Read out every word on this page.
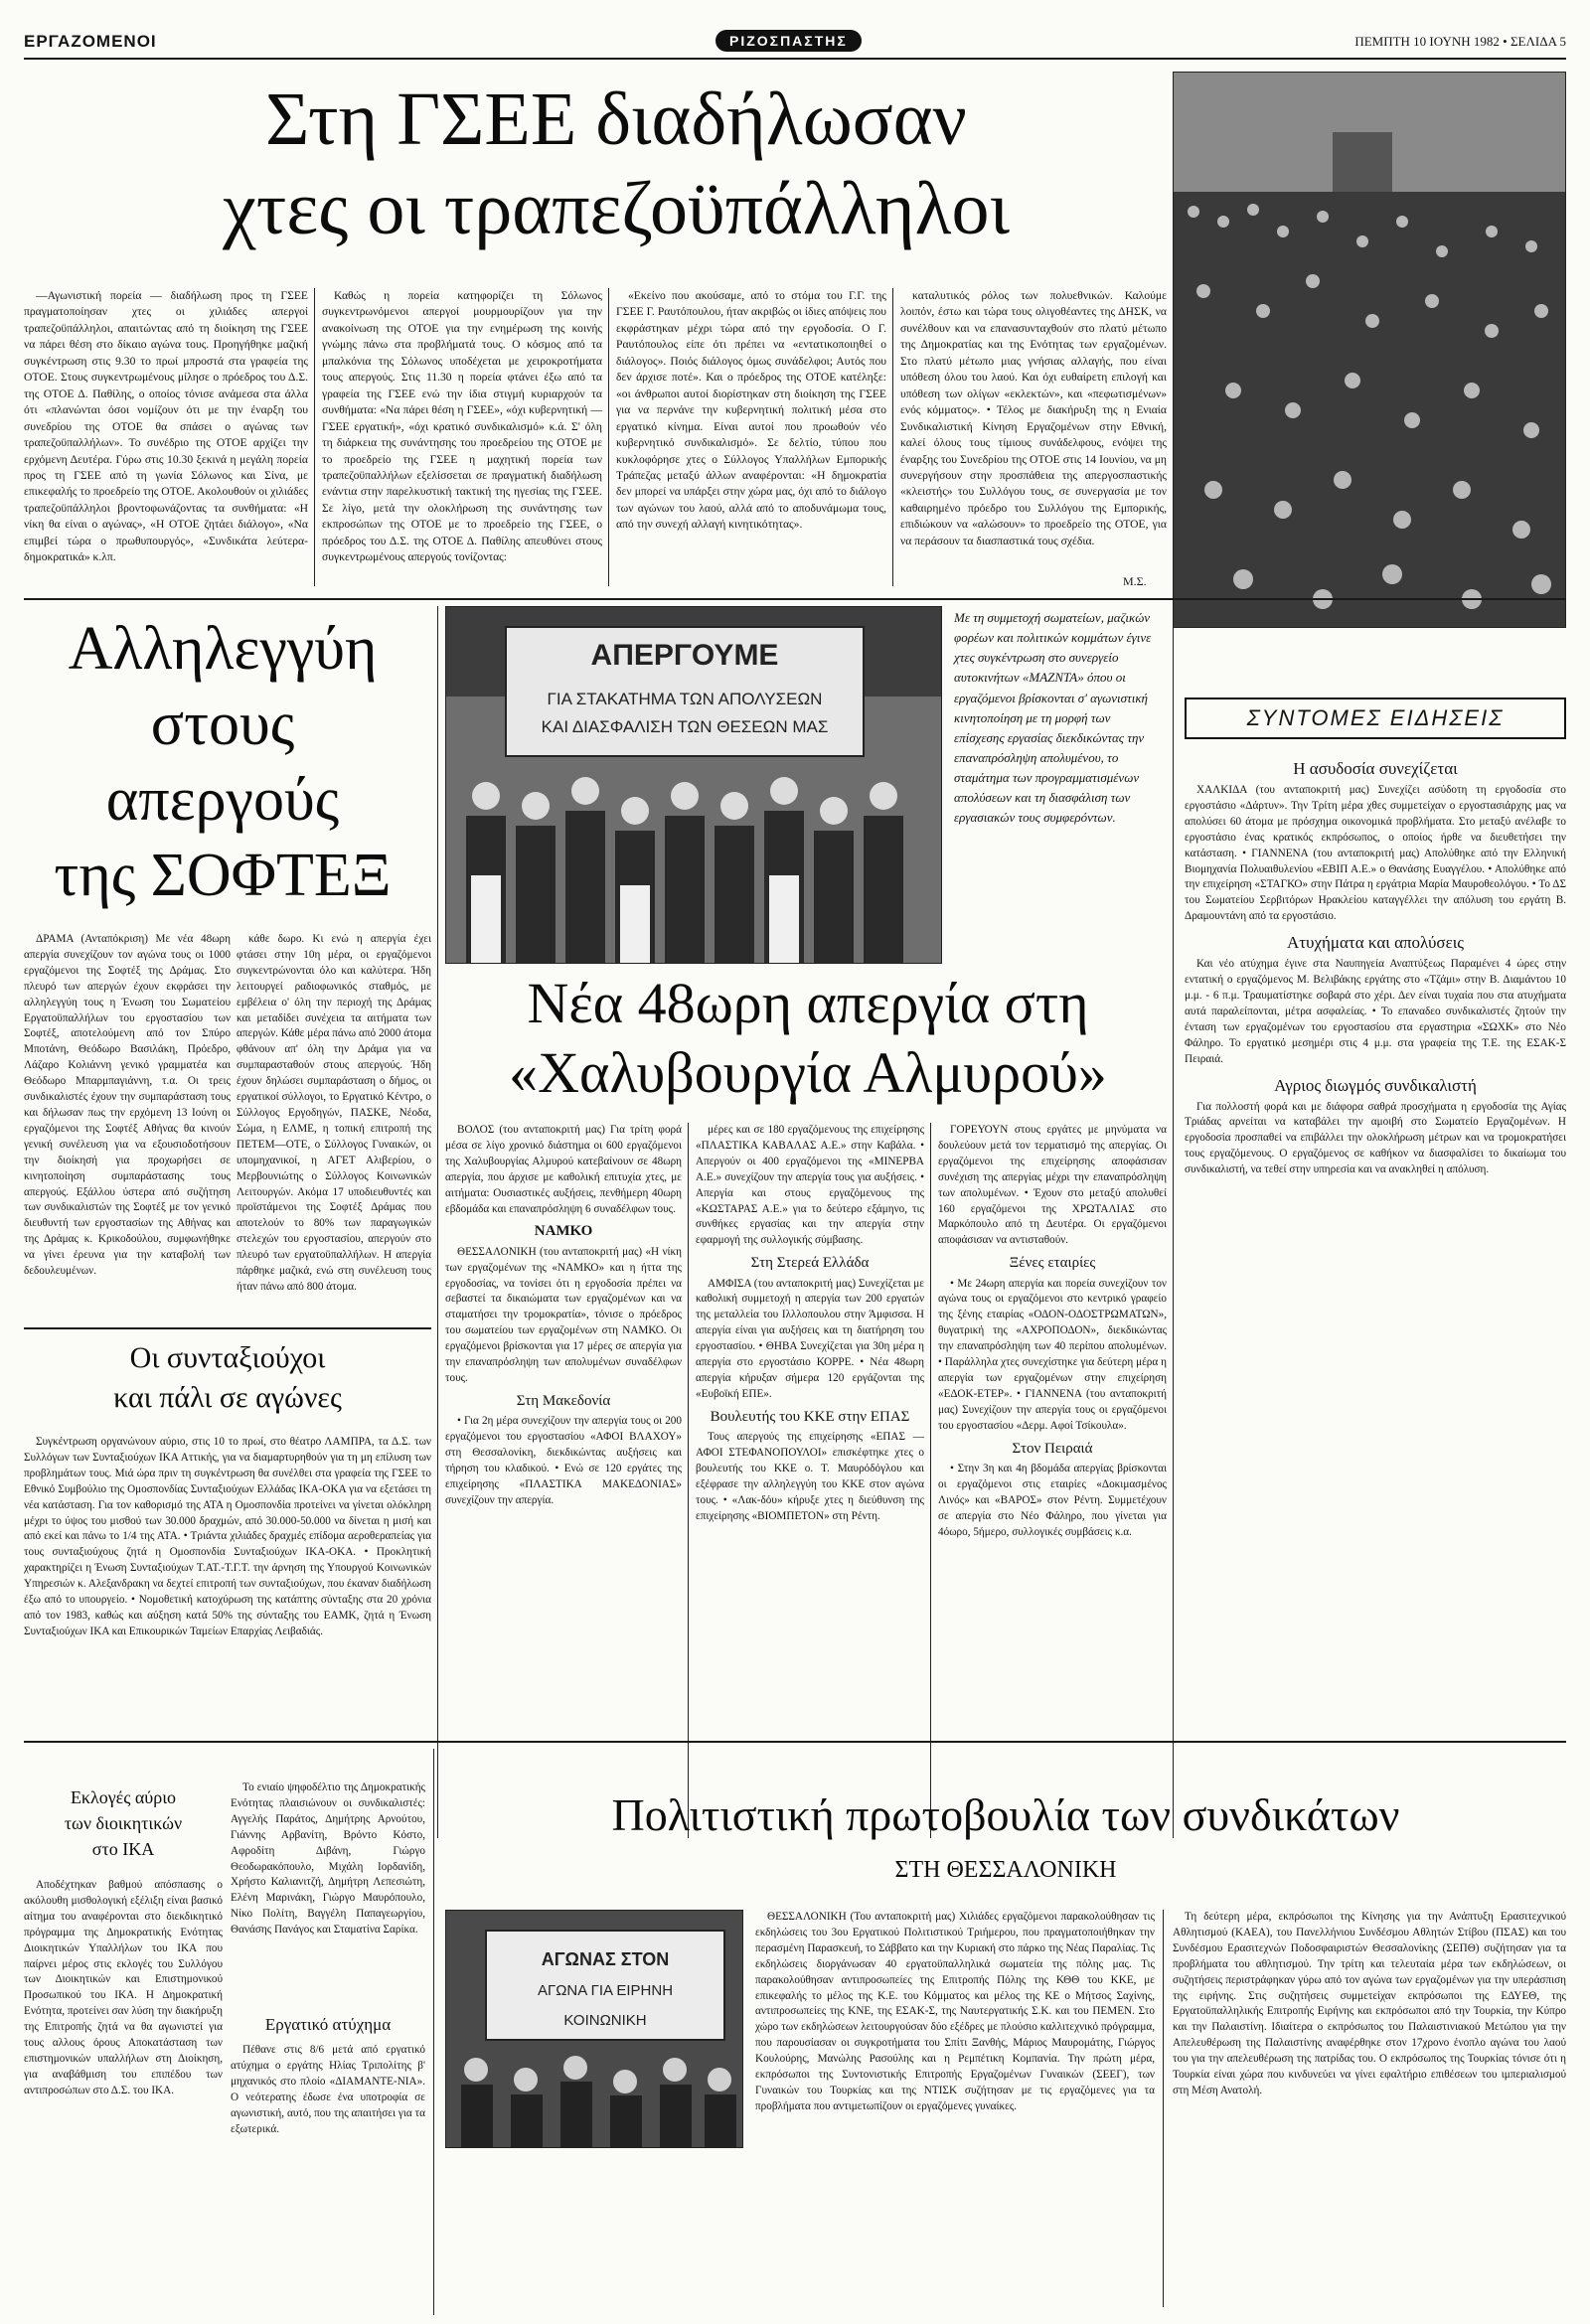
ΕΡΓΑΖΟΜΕΝΟΙ	ΡΙΖΟΣΠΑΣΤΗΣ	ΠΕΜΠΤΗ 10 ΙΟΥΝΗ 1982 • ΣΕΛΙΔΑ 5
Στη ΓΣΕΕ διαδήλωσαν
χτες οι τραπεζοϋπάλληλοι

—Αγωνιστική πορεία — διαδήλωση προς τη ΓΣΕΕ πραγματοποίησαν χτες οι χιλιάδες απεργοί τραπεζοϋπάλληλοι, απαιτώντας από τη διοίκηση της ΓΣΕΕ να πάρει θέση στο δίκαιο αγώνα τους. Προηγήθηκε μαζική συγκέντρωση στις 9.30 το πρωί μπροστά στα γραφεία της ΟΤΟΕ. Στους συγκεντρωμένους μίλησε ο πρόεδρος του Δ.Σ. της ΟΤΟΕ Δ. Παθίλης, ο οποίος τόνισε ανάμεσα στα άλλα ότι «πλανώνται όσοι νομίζουν ότι με την έναρξη του συνεδρίου της ΟΤΟΕ θα σπάσει ο αγώνας των τραπεζοϋπαλλήλων». Το συνέδριο της ΟΤΟΕ αρχίζει την ερχόμενη Δευτέρα. Γύρω στις 10.30 ξεκινά η μεγάλη πορεία προς τη ΓΣΕΕ από τη γωνία Σόλωνος και Σίνα, με επικεφαλής το προεδρείο της ΟΤΟΕ. Ακολουθούν οι χιλιάδες τραπεζοϋπάλληλοι βροντοφωνάζοντας τα συνθήματα: «Η νίκη θα είναι ο αγώνας», «Η ΟΤΟΕ ζητάει διάλογο», «Να επιμβεί τώρα ο πρωθυπουργός», «Συνδικάτα λεύτερα-δημοκρατικά» κ.λπ.

Καθώς η πορεία κατηφορίζει τη Σόλωνος συγκεντρωνόμενοι απεργοί μουρμουρίζουν για την ανακοίνωση της ΟΤΟΕ για την ενημέρωση της κοινής γνώμης πάνω στα προβλήματά τους. Ο κόσμος από τα μπαλκόνια της Σόλωνος υποδέχεται με χειροκροτήματα τους απεργούς. Στις 11.30 η πορεία φτάνει έξω από τα γραφεία της ΓΣΕΕ ενώ την ίδια στιγμή κυριαρχούν τα συνθήματα: «Να πάρει θέση η ΓΣΕΕ», «όχι κυβερνητική — ΓΣΕΕ εργατική», «όχι κρατικό συνδικαλισμό» κ.ά. Σ' όλη τη διάρκεια της συνάντησης του προεδρείου της ΟΤΟΕ με το προεδρείο της ΓΣΕΕ η μαχητική πορεία των τραπεζοϋπαλλήλων εξελίσσεται σε πραγματική διαδήλωση ενάντια στην παρελκυστική τακτική της ηγεσίας της ΓΣΕΕ. Σε λίγο, μετά την ολοκλήρωση της συνάντησης των εκπροσώπων της ΟΤΟΕ με το προεδρείο της ΓΣΕΕ, ο πρόεδρος του Δ.Σ. της ΟΤΟΕ Δ. Παθίλης απευθύνει στους συγκεντρωμένους απεργούς τονίζοντας:

«Εκείνο που ακούσαμε, από το στόμα του Γ.Γ. της ΓΣΕΕ Γ. Ραυτόπουλου, ήταν ακριβώς οι ίδιες απόψεις που εκφράστηκαν μέχρι τώρα από την εργοδοσία. Ο Γ. Ραυτόπουλος είπε ότι πρέπει να «εντατικοποιηθεί ο διάλογος». Ποιός διάλογος όμως συνάδελφοι; Αυτός που δεν άρχισε ποτέ». Και ο πρόεδρος της ΟΤΟΕ κατέληξε: «οι άνθρωποι αυτοί διορίστηκαν στη διοίκηση της ΓΣΕΕ για να περνάνε την κυβερνητική πολιτική μέσα στο εργατικό κίνημα. Είναι αυτοί που προωθούν νέο κυβερνητικό συνδικαλισμό». Σε δελτίο, τύπου που κυκλοφόρησε χτες ο Σύλλογος Υπαλλήλων Εμπορικής Τράπεζας μεταξύ άλλων αναφέρονται: «Η δημοκρατία δεν μπορεί να υπάρξει στην χώρα μας, όχι από το διάλογο των αγώνων του λαού, αλλά από το αποδυνάμωμα τους, από την συνεχή αλλαγή κινητικότητας».

καταλυτικός ρόλος των πολυεθνικών. Καλούμε λοιπόν, έστω και τώρα τους ολιγοθέαντες της ΔΗΣΚ, να συνέλθουν και να επανασυνταχθούν στο πλατύ μέτωπο της Δημοκρατίας και της Ενότητας των εργαζομένων. Στο πλατύ μέτωπο μιας γνήσιας αλλαγής, που είναι υπόθεση όλου του λαού. Και όχι ευθαίρετη επιλογή και υπόθεση των ολίγων «εκλεκτών», και «πεφωτισμένων» ενός κόμματος». • Τέλος με διακήρυξη της η Ενιαία Συνδικαλιστική Κίνηση Εργαζομένων στην Εθνική, καλεί όλους τους τίμιους συνάδελφους, ενόψει της έναρξης του Συνεδρίου της ΟΤΟΕ στις 14 Ιουνίου, να μη συνεργήσουν στην προσπάθεια της απεργοσπαστικής «κλειστής» του Συλλόγου τους, σε συνεργασία με τον καθαιρημένο πρόεδρο του Συλλόγου της Εμπορικής, επιδιώκουν να «αλώσουν» το προεδρείο της ΟΤΟΕ, για να περάσουν τα διασπαστικά τους σχέδια.

Μ.Σ.
Αλληλεγγύη
στους
απεργούς
της ΣΟΦΤΕΞ

ΔΡΑΜΑ (Ανταπόκριση) Με νέα 48ωρη απεργία συνεχίζουν τον αγώνα τους οι 1000 εργαζόμενοι της Σοφτέξ της Δράμας. Στο πλευρό των απεργών έχουν εκφράσει την αλληλεγγύη τους η Ένωση του Σωματείου Εργατοϋπαλλήλων του εργοστασίου των Σοφτέξ, αποτελούμενη από τον Σπύρο Μποτάνη, Θεόδωρο Βασιλάκη, Πρόεδρο, Λάζαρο Κολιάννη γενικό γραμματέα και Θεόδωρο Μπαρμπαγιάννη, τ.α. Οι τρεις συνδικαλιστές έχουν την συμπαράσταση τους και δήλωσαν πως την ερχόμενη 13 Ιούνη οι εργαζόμενοι της Σοφτέξ Αθήνας θα κινούν γενική συνέλευση για να εξουσιοδοτήσουν την διοίκησή για προχωρήσει σε κινητοποίηση συμπαράστασης τους απεργούς. Εξάλλου ύστερα από συζήτηση των συνδικαλιστών της Σοφτέξ με τον γενικό διευθυντή των εργοστασίων της Αθήνας και της Δράμας κ. Κρικοδούλου, συμφωνήθηκε να γίνει έρευνα για την καταβολή των δεδουλευμένων.

κάθε δωρο. Κι ενώ η απεργία έχει φτάσει στην 10η μέρα, οι εργαζόμενοι συγκεντρώνονται όλο και καλύτερα. Ήδη λειτουργεί ραδιοφωνικός σταθμός, με εμβέλεια ο' όλη την περιοχή της Δράμας και μεταδίδει συνέχεια τα αιτήματα των απεργών. Κάθε μέρα πάνω από 2000 άτομα φθάνουν απ' όλη την Δράμα για να συμπαρασταθούν στους απεργούς. Ήδη έχουν δηλώσει συμπαράσταση ο δήμος, οι εργατικοί σύλλογοι, το Εργατικό Κέντρο, ο Σύλλογος Εργοδηγών, ΠΑΣΚΕ, Νέοδα, Σώμα, η ΕΛΜΕ, η τοπική επιτροπή της ΠΕΤΕΜ—ΟΤΕ, ο Σύλλογος Γυναικών, οι υπομηχανικοί, η ΑΓΕΤ Αλιβερίου, ο Μερβουνιώτης ο Σύλλογος Κοινωνικών Λειτουργών. Ακόμα 17 υποδιευθυντές και προϊστάμενοι της Σοφτέξ Δράμας που αποτελούν το 80% των παραγωγικών στελεχών του εργοστασίου, απεργούν στο πλευρό των εργατοϋπαλλήλων. Η απεργία πάρθηκε μαζικά, ενώ στη συνέλευση τους ήταν πάνω από 800 άτομα.

ΑΠΕΡΓΟΥΜΕ
ΓΙΑ ΣΤΑΚΑΤΗΜΑ ΤΩΝ ΑΠΟΛΥΣΕΩΝ
ΚΑΙ ΔΙΑΣΦΑΛΙΣΗ ΤΩΝ ΘΕΣΕΩΝ ΜΑΣ
Με τη συμμετοχή σωματείων, μαζικών φορέων και πολιτικών κομμάτων έγινε χτες συγκέντρωση στο συνεργείο αυτοκινήτων «ΜΑΖΝΤΑ» όπου οι εργαζόμενοι βρίσκονται σ' αγωνιστική κινητοποίηση με τη μορφή των επίσχεσης εργασίας διεκδικώντας την επαναπρόσληψη απολυμένου, το σταμάτημα των προγραμματισμένων απολύσεων και τη διασφάλιση των εργασιακών τους συμφερόντων.
Νέα 48ωρη απεργία στη
«Χαλυβουργία Αλμυρού»

ΒΟΛΟΣ (του ανταποκριτή μας) Για τρίτη φορά μέσα σε λίγο χρονικό διάστημα οι 600 εργαζόμενοι της Χαλυβουργίας Αλμυρού κατεβαίνουν σε 48ωρη απεργία, που άρχισε με καθολική επιτυχία χτες, με αιτήματα: Ουσιαστικές αυξήσεις, πενθήμερη 40ωρη εβδομάδα και επαναπρόσληψη 6 συναδέλφων τους.

ΝΑΜΚΟ

ΘΕΣΣΑΛΟΝΙΚΗ (του ανταποκριτή μας) «Η νίκη των εργαζομένων της «ΝΑΜΚΟ» και η ήττα της εργοδοσίας, να τονίσει ότι η εργοδοσία πρέπει να σεβαστεί τα δικαιώματα των εργαζομένων και να σταματήσει την τρομοκρατία», τόνισε ο πρόεδρος του σωματείου των εργαζομένων στη ΝΑΜΚΟ. Οι εργαζόμενοι βρίσκονται για 17 μέρες σε απεργία για την επαναπρόσληψη των απολυμένων συναδέλφων τους.

Στη Μακεδονία

• Για 2η μέρα συνεχίζουν την απεργία τους οι 200 εργαζόμενοι του εργοστασίου «ΑΦΟΙ ΒΛΑΧΟΥ» στη Θεσσαλονίκη, διεκδικώντας αυξήσεις και τήρηση του κλαδικού. • Ενώ σε 120 εργάτες της επιχείρησης «ΠΛΑΣΤΙΚΑ ΜΑΚΕΔΟΝΙΑΣ» συνεχίζουν την απεργία.

μέρες και σε 180 εργαζόμενους της επιχείρησης «ΠΛΑΣΤΙΚΑ ΚΑΒΑΛΑΣ Α.Ε.» στην Καβάλα. • Απεργούν οι 400 εργαζόμενοι της «ΜΙΝΕΡΒΑ Α.Ε.» συνεχίζουν την απεργία τους για αυξήσεις. • Απεργία και στους εργαζόμενους της «ΚΩΣΤΑΡΑΣ Α.Ε.» για το δεύτερο εξάμηνο, τις συνθήκες εργασίας και την απεργία στην εφαρμογή της συλλογικής σύμβασης.

Στη Στερεά Ελλάδα

ΑΜΦΙΣΑ (του ανταποκριτή μας) Συνεχίζεται με καθολική συμμετοχή η απεργία των 200 εργατών της μεταλλεία του Ιλλλοπουλου στην Άμφισσα. Η απεργία είναι για αυξήσεις και τη διατήρηση του εργοστασίου. • ΘΗΒΑ Συνεχίζεται για 30η μέρα η απεργία στο εργοστάσιο ΚΟΡΡΕ. • Νέα 48ωρη απεργία κήρυξαν σήμερα 120 εργάζονται της «Ευβοϊκή ΕΠΕ».

Βουλευτής του ΚΚΕ στην ΕΠΑΣ

Τους απεργούς της επιχείρησης «ΕΠΑΣ — ΑΦΟΙ ΣΤΕΦΑΝΟΠΟΥΛΟΙ» επισκέφτηκε χτες ο βουλευτής του ΚΚΕ ο. Τ. Μαυρόδόγλου και εξέφρασε την αλληλεγγύη του ΚΚΕ στον αγώνα τους. • «Λακ-δόυ» κήρυξε χτες η διεύθυνση της επιχείρησης «ΒΙΟΜΠΕΤΟΝ» στη Ρέντη.

ΓΟΡΕΥΟΥΝ στους εργάτες με μηνύματα να δουλεύουν μετά τον τερματισμό της απεργίας. Οι εργαζόμενοι της επιχείρησης αποφάσισαν συνέχιση της απεργίας μέχρι την επαναπρόσληψη των απολυμένων. • Έχουν στο μεταξύ απολυθεί 160 εργαζόμενοι της ΧΡΩΤΑΛΙΑΣ στο Μαρκόπουλο από τη Δευτέρα. Οι εργαζόμενοι αποφάσισαν να αντισταθούν.

Ξένες εταιρίες

• Με 24ωρη απεργία και πορεία συνεχίζουν τον αγώνα τους οι εργαζόμενοι στο κεντρικό γραφείο της ξένης εταιρίας «ΟΔΟΝ-ΟΔΟΣΤΡΩΜΑΤΩΝ», θυγατρική της «ΑΧΡΟΠΟΔΟΝ», διεκδικώντας την επαναπρόσληψη των 40 περίπου απολυμένων. • Παράλληλα χτες συνεχίστηκε για δεύτερη μέρα η απεργία των εργαζομένων στην επιχείρηση «ΕΔΟΚ-ΕΤΕΡ». • ΓΙΑΝΝΕΝΑ (του ανταποκριτή μας) Συνεχίζουν την απεργία τους οι εργαζόμενοι του εργοστασίου «Δερμ. Αφοί Τσίκουλα».

Στον Πειραιά

• Στην 3η και 4η βδομάδα απεργίας βρίσκονται οι εργαζόμενοι στις εταιρίες «Δοκιμασμένος Λινός» και «ΒΑΡΟΣ» στον Ρέντη. Συμμετέχουν σε απεργία στο Νέο Φάληρο, που γίνεται για 4όωρο, 5ήμερο, συλλογικές συμβάσεις κ.α.

ΣΥΝΤΟΜΕΣ ΕΙΔΗΣΕΙΣ
Η ασυδοσία συνεχίζεται

ΧΑΛΚΙΔΑ (του ανταποκριτή μας) Συνεχίζει ασύδοτη τη εργοδοσία στο εργοστάσιο «Δάρτυν». Την Τρίτη μέρα χθες συμμετείχαν ο εργοστασιάρχης μας να απολύσει 60 άτομα με πρόσχημα οικονομικά προβλήματα. Στο μεταξύ ανέλαβε το εργοστάσιο ένας κρατικός εκπρόσωπος, ο οποίος ήρθε να διευθετήσει την κατάσταση. • ΓΙΑΝΝΕΝΑ (του ανταποκριτή μας) Απολύθηκε από την Ελληνική Βιομηχανία Πολυαιθυλενίου «ΕΒΙΠ Α.Ε.» ο Θανάσης Ευαγγέλου. • Απολύθηκε από την επιχείρηση «ΣΤΑΓΚΟ» στην Πάτρα η εργάτρια Μαρία Μαυροθεολόγου. • Το ΔΣ του Σωματείου Σερβιτόρων Ηρακλείου καταγγέλλει την απόλυση του εργάτη Β. Δραμουντάνη από τα εργοστάσιο.

Ατυχήματα και απολύσεις

Και νέο ατύχημα έγινε στα Ναυπηγεία Αναπτύξεως Παραμένει 4 ώρες στην εντατική ο εργαζόμενος Μ. Βελιβάκης εργάτης στο «Τζάμι» στην Β. Διαμάντου 10 μ.μ. - 6 π.μ. Τραυματίστηκε σοβαρά στο χέρι. Δεν είναι τυχαία που στα ατυχήματα αυτά παραλείπονται, μέτρα ασφαλείας. • Το επαναδεο συνδικαλιστές ζητούν την ένταση των εργαζομένων του εργοστασίου στα εργαστηρια «ΣΩΧΚ» στο Νέο Φάληρο. Το εργατικό μεσημέρι στις 4 μ.μ. στα γραφεία της Τ.Ε. της ΕΣΑΚ-Σ Πειραιά.

Αγριος διωγμός συνδικαλιστή

Για πολλοστή φορά και με διάφορα σαθρά προσχήματα η εργοδοσία της Αγίας Τριάδας αρνείται να καταβάλει την αμοιβή στο Σωματείο Εργαζομένων. Η εργοδοσία προσπαθεί να επιβάλλει την ολοκλήρωση μέτρων και να τρομοκρατήσει τους εργαζόμενους. Ο εργαζόμενος σε καθήκον να διασφαλίσει το δικαίωμα του συνδικαλιστή, να τεθεί στην υπηρεσία και να ανακληθεί η απόλυση.

Οι συνταξιούχοι
και πάλι σε αγώνες

Συγκέντρωση οργανώνουν αύριο, στις 10 το πρωί, στο θέατρο ΛΑΜΠΡΑ, τα Δ.Σ. των Συλλόγων των Συνταξιούχων ΙΚΑ Αττικής, για να διαμαρτυρηθούν για τη μη επίλυση των προβλημάτων τους. Μιά ώρα πριν τη συγκέντρωση θα συνέλθει στα γραφεία της ΓΣΕΕ το Εθνικό Συμβούλιο της Ομοσπονδίας Συνταξιούχων Ελλάδας ΙΚΑ-ΟΚΑ για να εξετάσει τη νέα κατάσταση. Για τον καθορισμό της ΑΤΑ η Ομοσπονδία προτείνει να γίνεται ολόκληρη μέχρι το ύψος του μισθού των 30.000 δραχμών, από 30.000-50.000 να δίνεται η μισή και από εκεί και πάνω το 1/4 της ΑΤΑ. • Τριάντα χιλιάδες δραχμές επίδομα αεροθεραπείας για τους συνταξιούχους ζητά η Ομοσπονδία Συνταξιούχων ΙΚΑ-ΟΚΑ. • Προκλητική χαρακτηρίζει η Ένωση Συνταξιούχων Τ.ΑΤ.-Τ.Γ.Τ. την άρνηση της Υπουργού Κοινωνικών Υπηρεσιών κ. Αλεξανδρακη να δεχτεί επιτροπή των συνταξιούχων, που έκαναν διαδήλωση έξω από το υπουργείο. • Νομοθετική κατοχύρωση της κατάπτης σύνταξης στα 20 χρόνια από τον 1983, καθώς και αύξηση κατά 50% της σύνταξης του ΕΑΜΚ, ζητά η Ένωση Συνταξιούχων ΙΚΑ και Επικουρικών Ταμείων Επαρχίας Λειβαδιάς.

Εκλογές αύριο
των διοικητικών
στο ΙΚΑ

Αποδέχτηκαν βαθμού απόσπασης ο ακόλουθη μισθολογική εξέλιξη είναι βασικό αίτημα του αναφέρονται στο διεκδικητικό πρόγραμμα της Δημοκρατικής Ενότητας Διοικητικών Υπαλλήλων του ΙΚΑ που παίρνει μέρος στις εκλογές του Συλλόγου των Διοικητικών και Επιστημονικού Προσωπικού του ΙΚΑ. Η Δημοκρατική Ενότητα, προτείνει σαν λύση την διακήρυξη της Επιτροπής ζητά να θα αγωνιστεί για τους αλλους όρους Αποκατάσταση των επιστημονικών υπαλλήλων στη Διοίκηση, για αναβάθμιση του επιπέδου των αντιπροσώπων στο Δ.Σ. του ΙΚΑ.

Το ενιαίο ψηφοδέλτιο της Δημοκρατικής Ενότητας πλαισιώνουν οι συνδικαλιστές: Αγγελής Παράτος, Δημήτρης Αρνούτου, Γιάννης Αρβανίτη, Βρόντο Κόστο, Αφροδίτη Διβάνη, Γιώργο Θεοδωρακόπουλο, Μιχάλη Ιορδανίδη, Χρήστο Καλιανιτζή, Δημήτρη Λεπεσιώτη, Ελένη Μαρινάκη, Γιώργο Μαυρόπουλο, Νίκο Πολίτη, Βαγγέλη Παπαγεωργίου, Θανάσης Πανάγος και Σταματίνα Σαρίκα.

Εργατικό ατύχημα

Πέθανε στις 8/6 μετά από εργατικό ατύχημα ο εργάτης Ηλίας Τριπολίτης β' μηχανικός στο πλοίο «ΔΙΑΜΑΝΤΕ-ΝΙΑ». Ο νεότερατης έδωσε ένα υποτροφία σε αγωνιστική, αυτό, που της απαιτήσει για τα εξωτερικά.

Πολιτιστική πρωτοβουλία των συνδικάτων
ΣΤΗ ΘΕΣΣΑΛΟΝΙΚΗ
ΑΓΩΝΑΣ ΣΤΟΝ
ΑΓΩΝΑ ΓΙΑ ΕΙΡΗΝΗ
ΚΟΙΝΩΝΙΚΗ

ΘΕΣΣΑΛΟΝΙΚΗ (Του ανταποκριτή μας) Χιλιάδες εργαζόμενοι παρακολούθησαν τις εκδηλώσεις του 3ου Εργατικού Πολιτιστικού Τριήμερου, που πραγματοποιήθηκαν την περασμένη Παρασκευή, το Σάββατο και την Κυριακή στο πάρκο της Νέας Παραλίας. Τις εκδηλώσεις διοργάνωσαν 40 εργατοϋπαλληλικά σωματεία της πόλης μας. Τις παρακολούθησαν αντιπροσωπείες της Επιτροπής Πόλης της ΚΘΘ του ΚΚΕ, με επικεφαλής το μέλος της Κ.Ε. του Κόμματος και μέλος της ΚΕ ο Μήτσος Σαχίνης, αντιπροσωπείες της ΚΝΕ, της ΕΣΑΚ-Σ, της Ναυτεργατικής Σ.Κ. και του ΠΕΜΕΝ. Στο χώρο των εκδηλώσεων λειτουργούσαν δύο εξέδρες με πλούσιο καλλιτεχνικό πρόγραμμα, που παρουσίασαν οι συγκροτήματα του Σπίτι Ξανθής, Μάριος Μαυρομάτης, Γιώργος Κουλούρης, Μανώλης Ρασούλης και η Ρεμπέτικη Κομπανία. Την πρώτη μέρα, εκπρόσωποι της Συντονιστικής Επιτροπής Εργαζομένων Γυναικών (ΣΕΕΓ), των Γυναικών του Τουρκίας και της ΝΤΙΣΚ συζήτησαν με τις εργαζόμενες για τα προβλήματα που αντιμετωπίζουν οι εργαζόμενες γυναίκες.

Τη δεύτερη μέρα, εκπρόσωποι της Κίνησης για την Ανάπτυξη Ερασιτεχνικού Αθλητισμού (ΚΑΕΑ), του Πανελλήνιου Συνδέσμου Αθλητών Στίβου (ΠΣΑΣ) και του Συνδέσμου Ερασιτεχνών Ποδοσφαιριστών Θεσσαλονίκης (ΣΕΠΘ) συζήτησαν για τα προβλήματα του αθλητισμού. Την τρίτη και τελευταία μέρα των εκδηλώσεων, οι συζητήσεις περιστράφηκαν γύρω από τον αγώνα των εργαζομένων για την υπεράσπιση της ειρήνης. Στις συζητήσεις συμμετείχαν εκπρόσωποι της ΕΔΥΕΘ, της Εργατοϋπαλληλικής Επιτροπής Ειρήνης και εκπρόσωποι από την Τουρκία, την Κύπρο και την Παλαιστίνη. Ιδιαίτερα ο εκπρόσωπος του Παλαιστινιακού Μετώπου για την Απελευθέρωση της Παλαιστίνης αναφέρθηκε στον 17χρονο ένοπλο αγώνα του λαού του για την απελευθέρωση της πατρίδας του. Ο εκπρόσωπος της Τουρκίας τόνισε ότι η Τουρκία είναι χώρα που κινδυνεύει να γίνει εφαλτήριο επιθέσεων του ιμπεριαλισμού στη Μέση Ανατολή.
